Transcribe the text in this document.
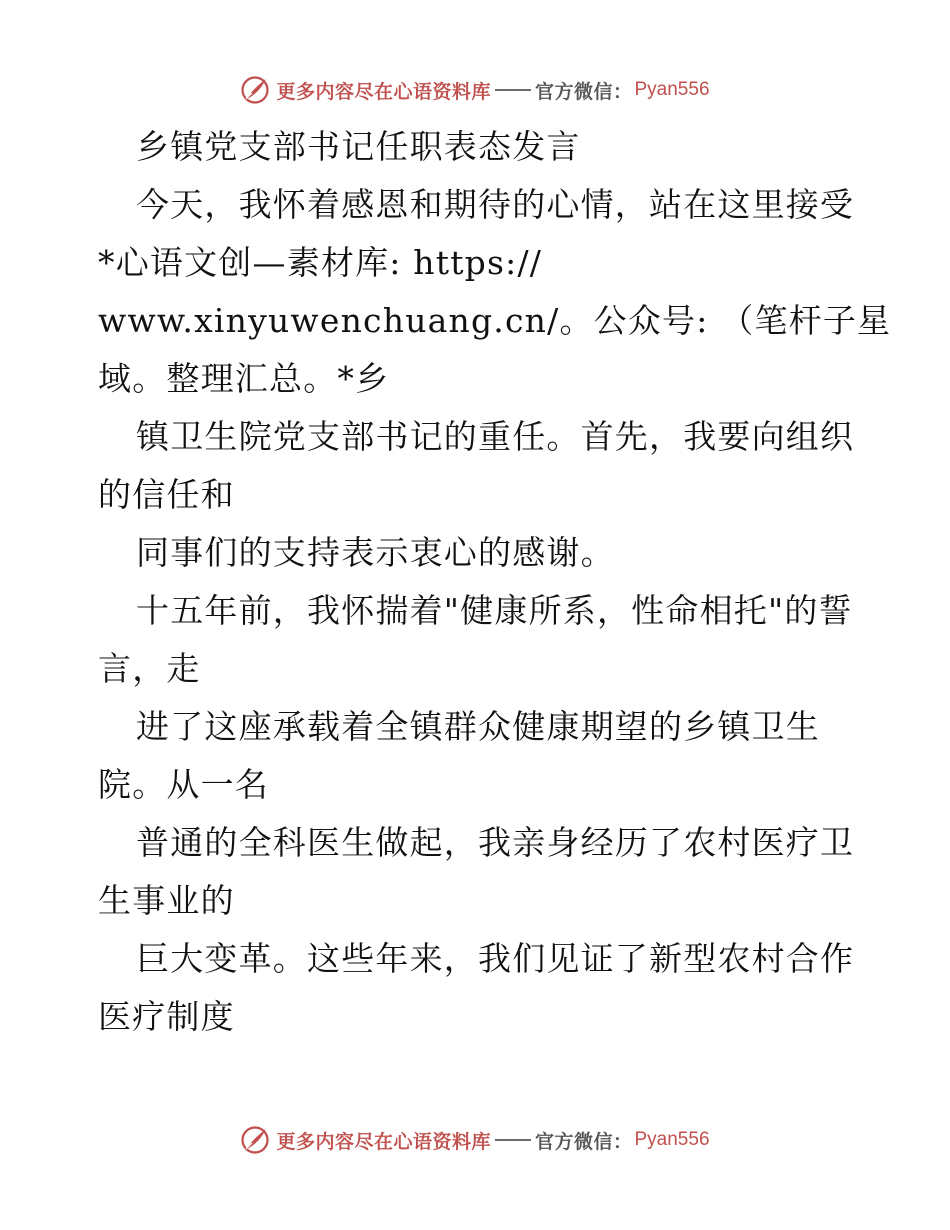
更多内容尽在心语资料库 官方微信： Pyan556
乡镇党支部书记任职表态发言
今天，我怀着感恩和期待的心情，站在这里接受
*心语文创—素材库: https://
www.xinyuwenchuang.cn/。公众号: （笔杆子星
域。整理汇总。*乡
镇卫生院党支部书记的重任。首先，我要向组织
的信任和
同事们的支持表示衷心的感谢。
十五年前，我怀揣着"健康所系，性命相托"的誓
言，走
进了这座承载着全镇群众健康期望的乡镇卫生
院。从一名
普通的全科医生做起，我亲身经历了农村医疗卫
生事业的
巨大变革。这些年来，我们见证了新型农村合作
医疗制度
更多内容尽在心语资料库 官方微信： Pyan556
